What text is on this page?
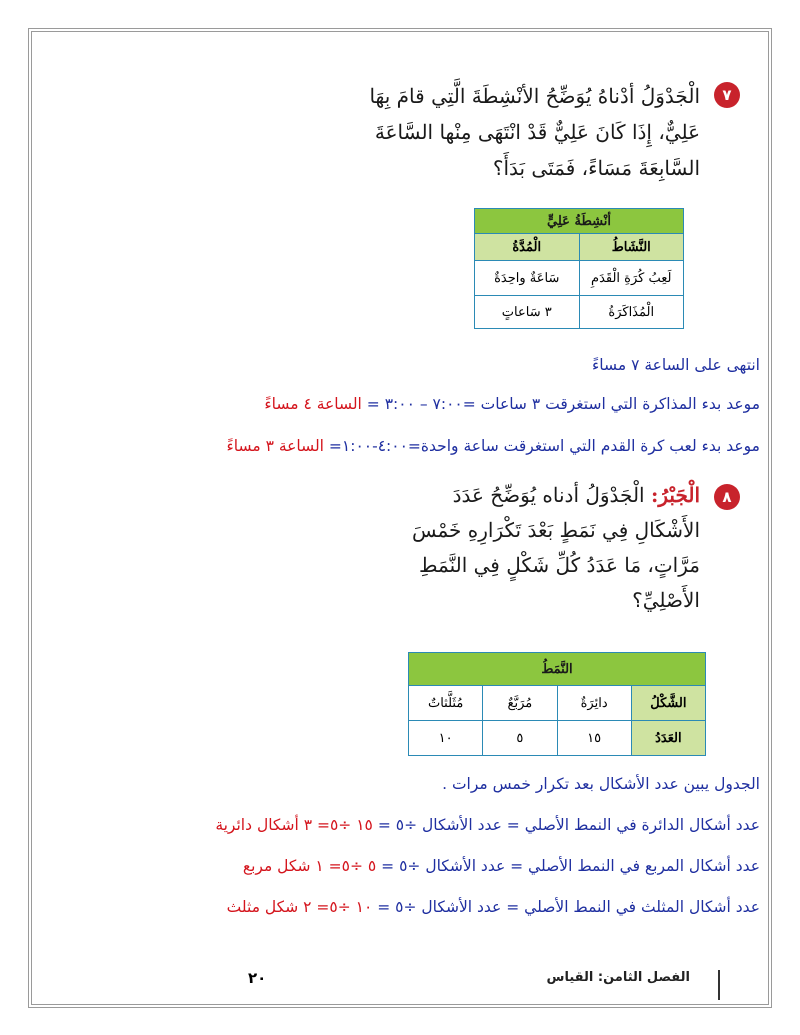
٧
الْجَدْوَلُ أدْناهُ يُوَضِّحُ الأنْشِطَةَ الَّتِي قامَ بِهَا
عَلِيٌّ، إِذَا كَانَ عَلِيٌّ قَدْ انْتَهَى مِنْها السَّاعَةَ
السَّابِعَةَ مَسَاءً، فَمَتَى بَدَأَ؟
أنْشِطَةُ عَلِيٍّ	
النَّشَاطُ	الْمُدَّةُ
لَعِبُ كُرَةِ الْقَدَمِ	سَاعَةٌ واحِدَةٌ
الْمُذَاكَرَةُ	٣ سَاعاتٍ
انتهى على الساعة ٧ مساءً
موعد بدء المذاكرة التي استغرقت ٣ ساعات =٧:٠٠ – ٣:٠٠ = الساعة ٤ مساءً
موعد بدء لعب كرة القدم التي استغرقت ساعة واحدة=٤:٠٠-١:٠٠= الساعة ٣ مساءً
٨
الْجَبْرُ: الْجَدْوَلُ أدناه يُوَضِّحُ عَدَدَ
الأَشْكَالِ فِي نَمَطٍ بَعْدَ تَكْرَارِهِ خَمْسَ
مَرَّاتٍ، مَا عَدَدُ كُلِّ شَكْلٍ فِي النَّمَطِ
الأَصْلِيِّ؟
النَّمَطُ			
الشَّكْلُ	دائِرَةٌ	مُرَبَّعٌ	مُثَلَّثاتٌ
العَدَدُ	١٥	٥	١٠
الجدول يبين عدد الأشكال بعد تكرار خمس مرات .
عدد أشكال الدائرة في النمط الأصلي = عدد الأشكال ÷٥ = ١٥ ÷٥= ٣ أشكال دائرية
عدد أشكال المربع في النمط الأصلي = عدد الأشكال ÷٥ = ٥ ÷٥= ١ شكل مربع
عدد أشكال المثلث في النمط الأصلي = عدد الأشكال ÷٥ = ١٠ ÷٥= ٢ شكل مثلث
٢٠	الفصل الثامن: القياس
